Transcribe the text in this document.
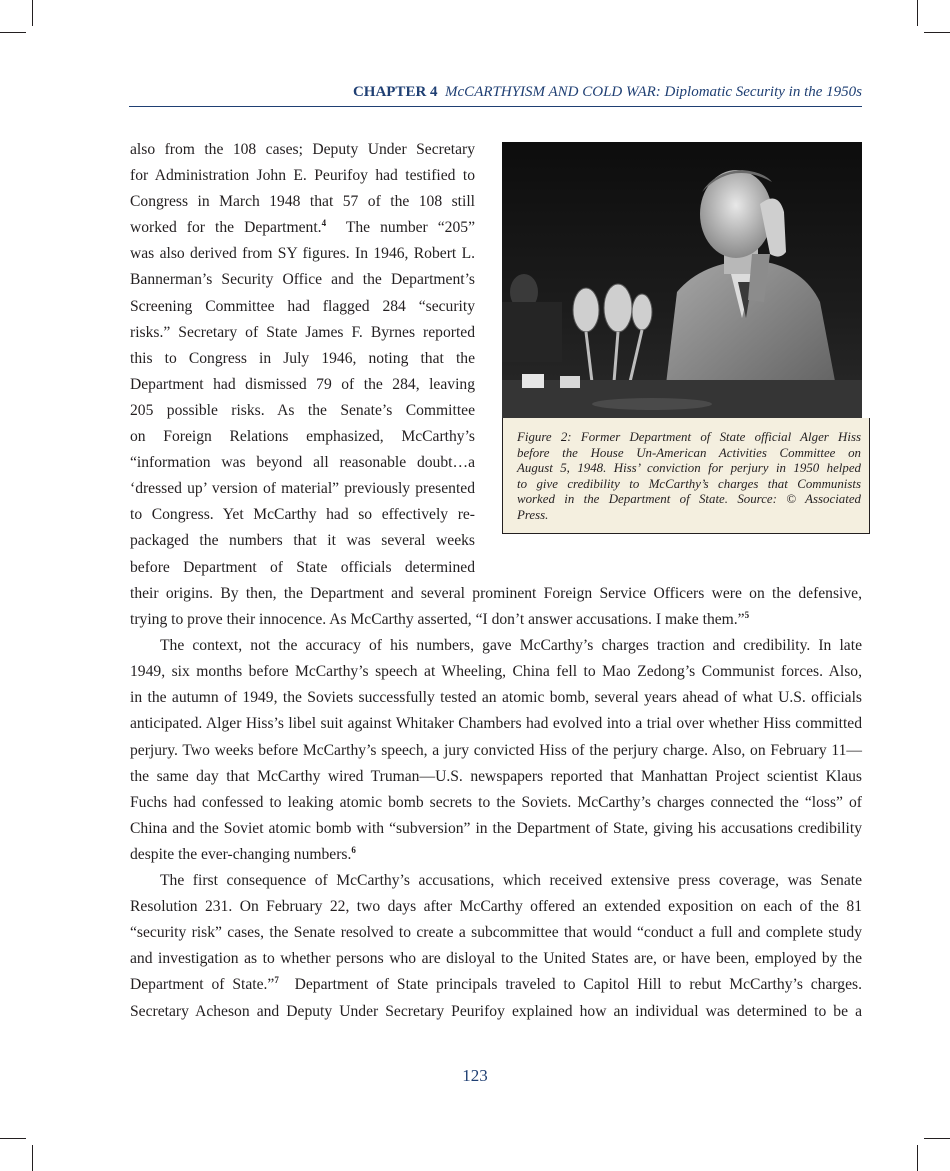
CHAPTER 4 McCARTHYISM AND COLD WAR: Diplomatic Security in the 1950s
also from the 108 cases; Deputy Under Secretary
for Administration John E. Peurifoy had testified to
Congress in March 1948 that 57 of the 108 still
worked for the Department.$^4$ The number “205”
was also derived from SY figures. In 1946, Robert L.
Bannerman’s Security Office and the Department’s
Screening Committee had flagged 284 “security
risks.” Secretary of State James F. Byrnes reported
this to Congress in July 1946, noting that the
Department had dismissed 79 of the 284, leaving
205 possible risks. As the Senate’s Committee
on Foreign Relations emphasized, McCarthy’s
“information was beyond all reasonable doubt…a
‘dressed up’ version of material” previously presented
to Congress. Yet McCarthy had so effectively re-
packaged the numbers that it was several weeks
before Department of State officials determined
Figure 2: Former Department of State official Alger Hiss
before the House Un-American Activities Committee on
August 5, 1948. Hiss’ conviction for perjury in 1950 helped
to give credibility to McCarthy’s charges that Communists
worked in the Department of State. Source: © Associated
Press.
their origins. By then, the Department and several prominent Foreign Service Officers were on the defensive,
trying to prove their innocence. As McCarthy asserted, “I don’t answer accusations. I make them.”$^5$
The context, not the accuracy of his numbers, gave McCarthy’s charges traction and credibility. In late
1949, six months before McCarthy’s speech at Wheeling, China fell to Mao Zedong’s Communist forces. Also,
in the autumn of 1949, the Soviets successfully tested an atomic bomb, several years ahead of what U.S. officials
anticipated. Alger Hiss’s libel suit against Whitaker Chambers had evolved into a trial over whether Hiss committed
perjury. Two weeks before McCarthy’s speech, a jury convicted Hiss of the perjury charge. Also, on February 11—
the same day that McCarthy wired Truman—U.S. newspapers reported that Manhattan Project scientist Klaus
Fuchs had confessed to leaking atomic bomb secrets to the Soviets. McCarthy’s charges connected the “loss” of
China and the Soviet atomic bomb with “subversion” in the Department of State, giving his accusations credibility
despite the ever-changing numbers.$^6$
The first consequence of McCarthy’s accusations, which received extensive press coverage, was Senate
Resolution 231. On February 22, two days after McCarthy offered an extended exposition on each of the 81
“security risk” cases, the Senate resolved to create a subcommittee that would “conduct a full and complete study
and investigation as to whether persons who are disloyal to the United States are, or have been, employed by the
Department of State.”$^7$ Department of State principals traveled to Capitol Hill to rebut McCarthy’s charges.
Secretary Acheson and Deputy Under Secretary Peurifoy explained how an individual was determined to be a
123
